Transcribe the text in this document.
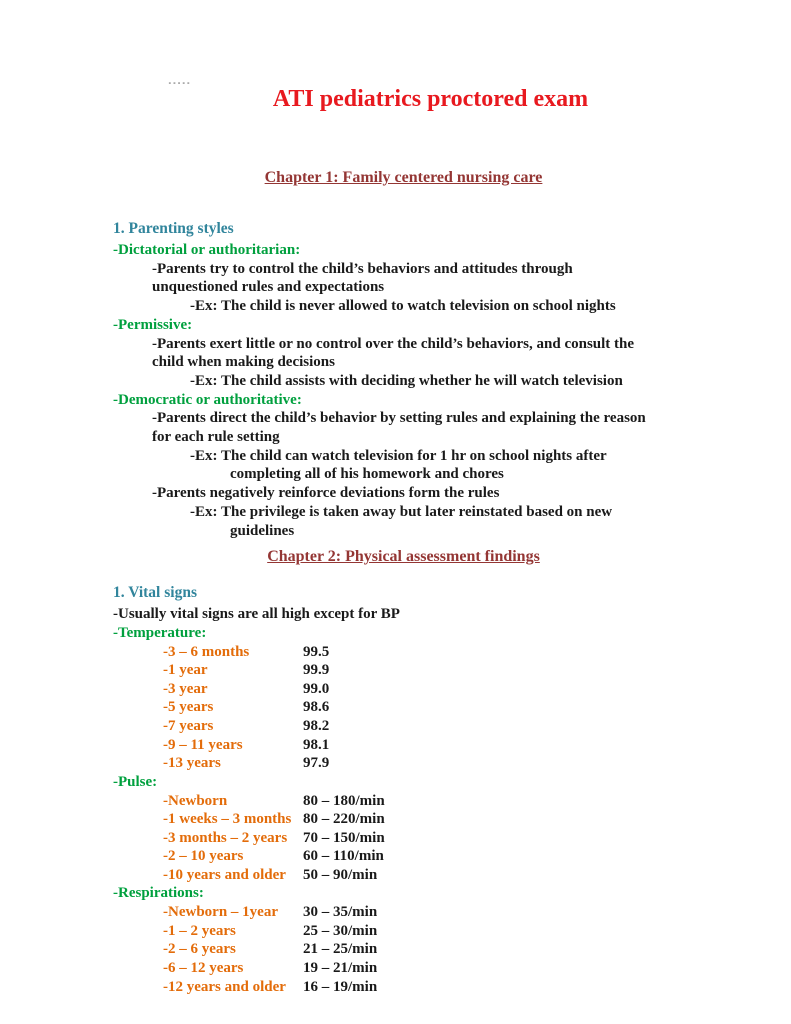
-----
ATI pediatrics proctored exam
Chapter 1: Family centered nursing care
1. Parenting styles
-Dictatorial or authoritarian:
-Parents try to control the child’s behaviors and attitudes through
unquestioned rules and expectations
-Ex: The child is never allowed to watch television on school nights
-Permissive:
-Parents exert little or no control over the child’s behaviors, and consult the
child when making decisions
-Ex: The child assists with deciding whether he will watch television
-Democratic or authoritative:
-Parents direct the child’s behavior by setting rules and explaining the reason
for each rule setting
-Ex: The child can watch television for 1 hr on school nights after
completing all of his homework and chores
-Parents negatively reinforce deviations form the rules
-Ex: The privilege is taken away but later reinstated based on new
guidelines
Chapter 2: Physical assessment findings
1. Vital signs
-Usually vital signs are all high except for BP
-Temperature:
-3 – 6 months	99.5
-1 year	99.9
-3 year	99.0
-5 years	98.6
-7 years	98.2
-9 – 11 years	98.1
-13 years	97.9
-Pulse:
-Newborn	80 – 180/min
-1 weeks – 3 months 80 – 220/min
-3 months – 2 years 70 – 150/min
-2 – 10 years	60 – 110/min
-10 years and older 50 – 90/min
-Respirations:
-Newborn – 1year 30 – 35/min
-1 – 2 years	25 – 30/min
-2 – 6 years	21 – 25/min
-6 – 12 years	19 – 21/min
-12 years and older 16 – 19/min
